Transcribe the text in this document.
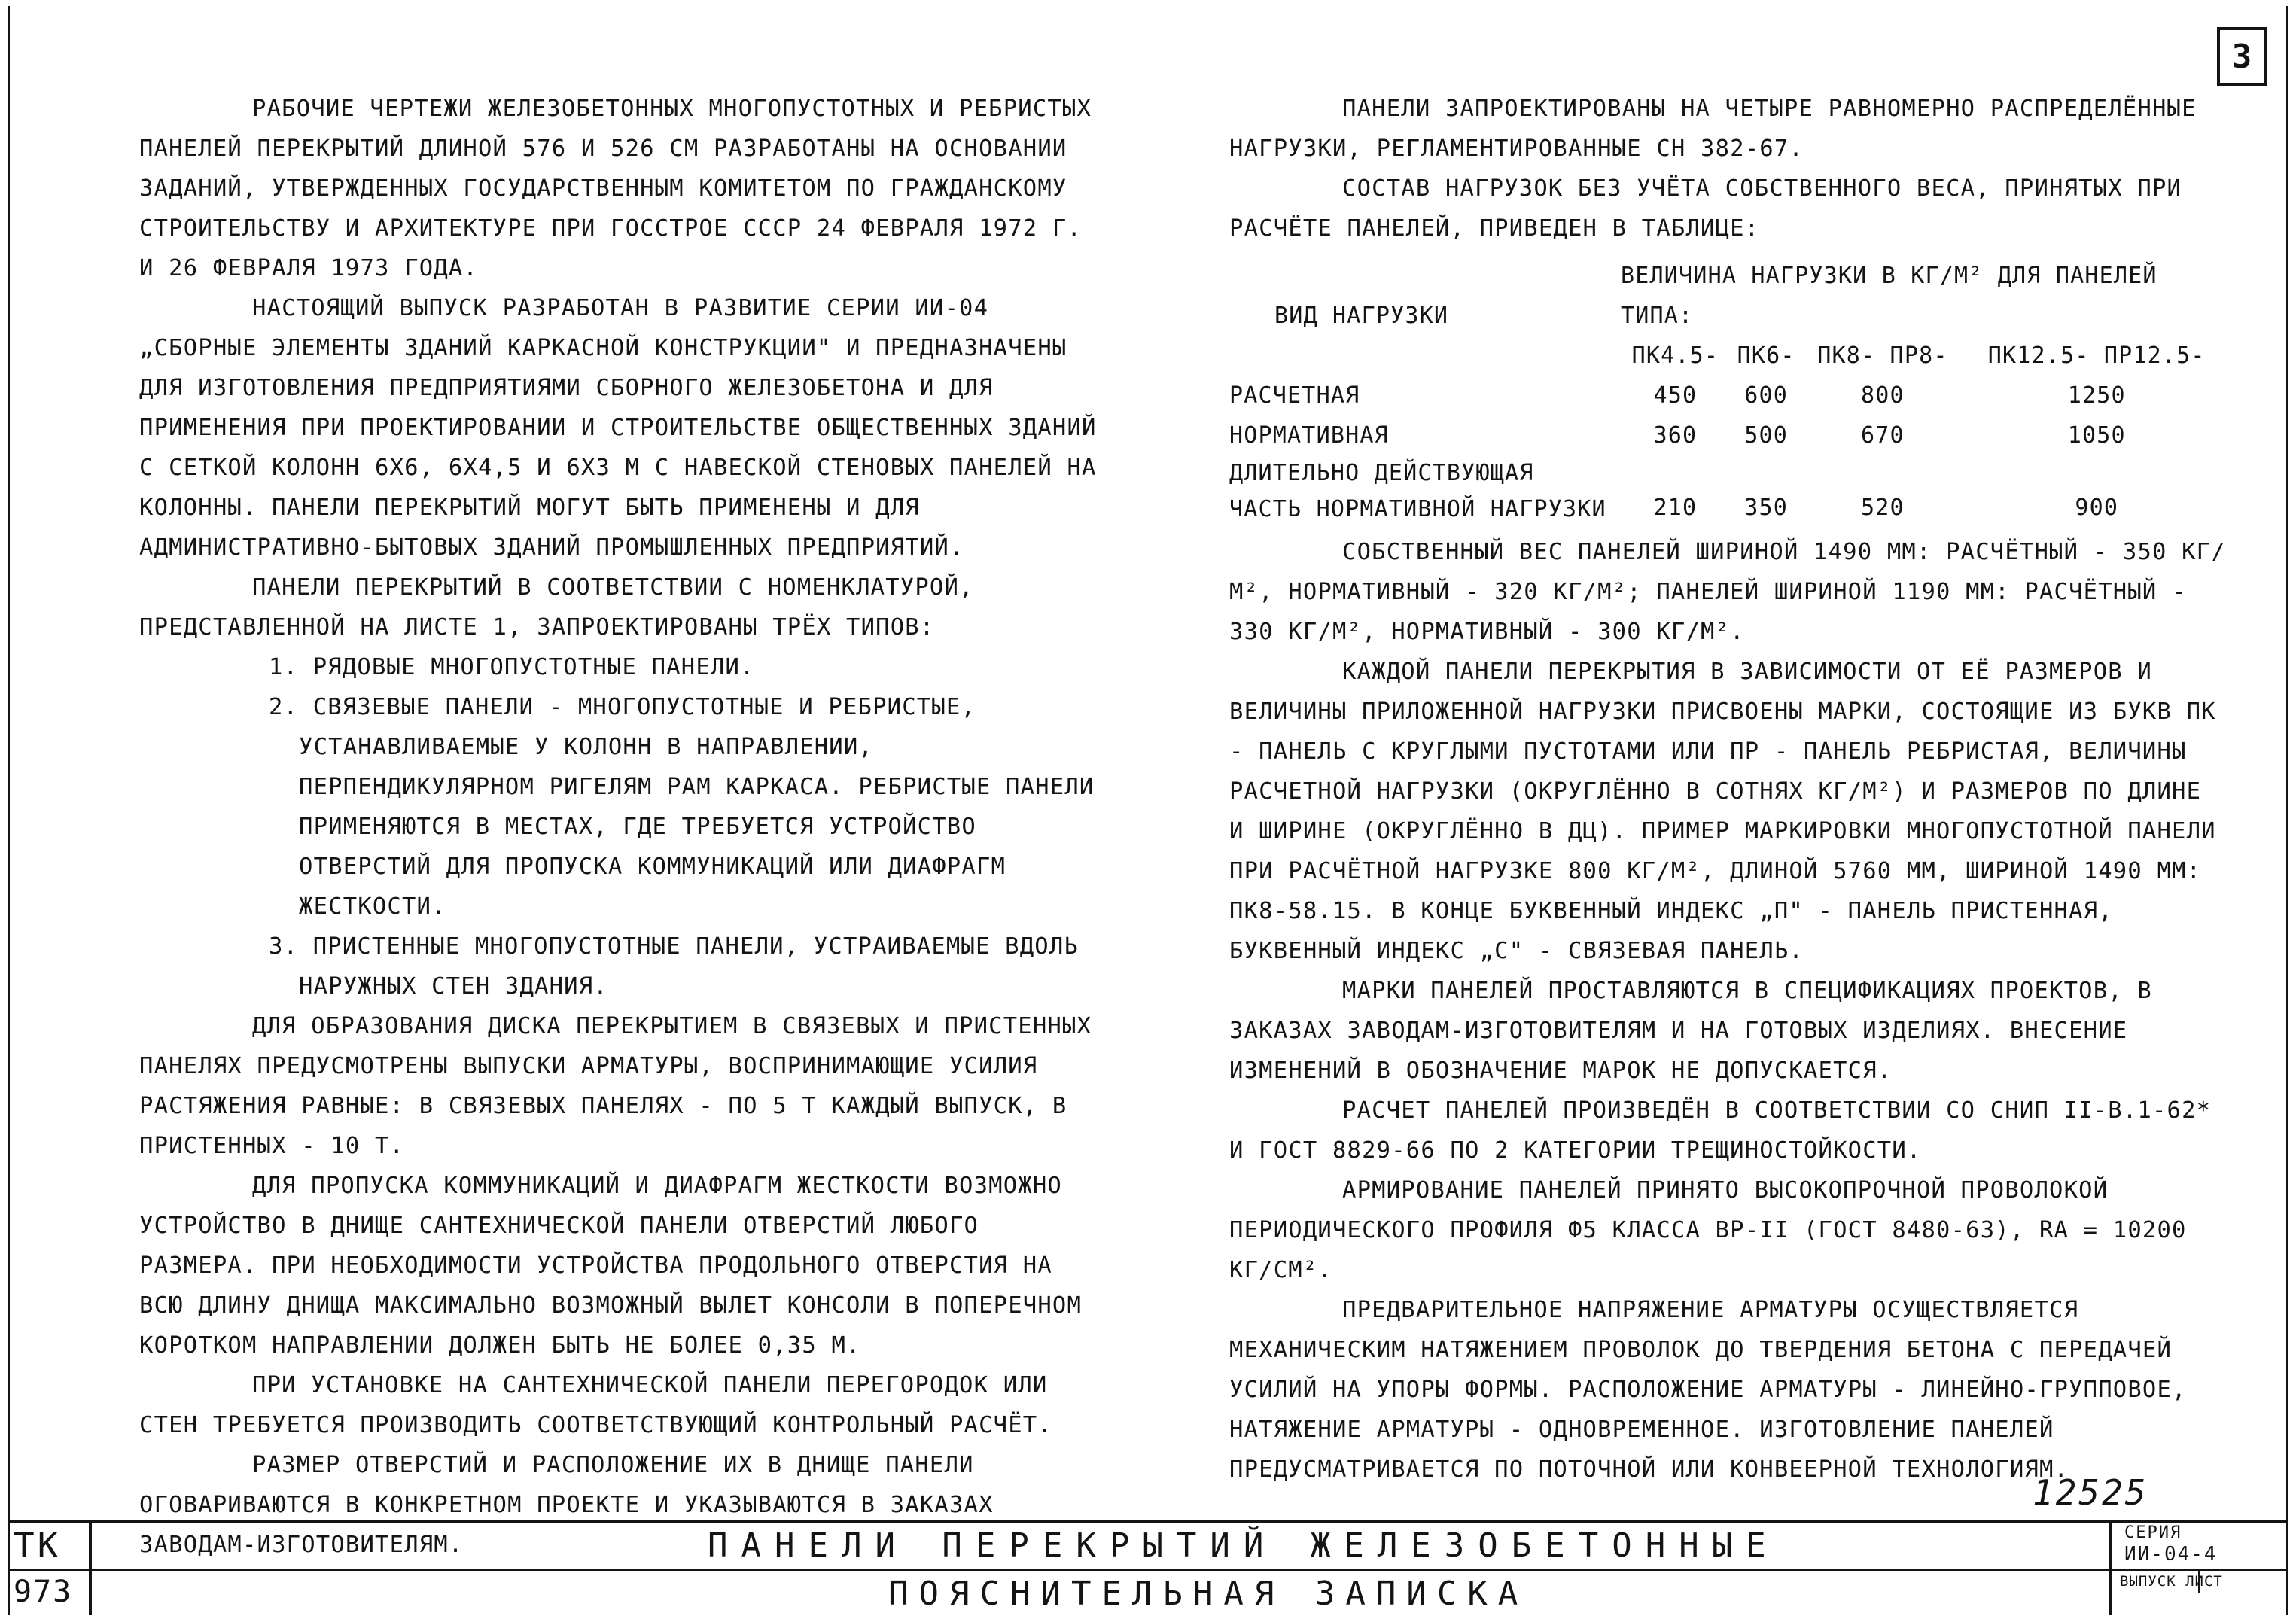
3

РАБОЧИЕ ЧЕРТЕЖИ ЖЕЛЕЗОБЕТОННЫХ МНОГОПУСТОТНЫХ И РЕБРИСТЫХ ПАНЕЛЕЙ ПЕРЕКРЫТИЙ ДЛИНОЙ 576 И 526 СМ РАЗРАБОТАНЫ НА ОСНОВАНИИ ЗАДАНИЙ, УТВЕРЖДЕННЫХ ГОСУДАРСТВЕННЫМ КОМИТЕТОМ ПО ГРАЖДАНСКОМУ СТРОИТЕЛЬСТВУ И АРХИТЕКТУРЕ ПРИ ГОССТРОЕ СССР 24 ФЕВРАЛЯ 1972 Г. И 26 ФЕВРАЛЯ 1973 ГОДА.

НАСТОЯЩИЙ ВЫПУСК РАЗРАБОТАН В РАЗВИТИЕ СЕРИИ ИИ-04 „СБОРНЫЕ ЭЛЕМЕНТЫ ЗДАНИЙ КАРКАСНОЙ КОНСТРУКЦИИ" И ПРЕДНАЗНАЧЕНЫ ДЛЯ ИЗГОТОВЛЕНИЯ ПРЕДПРИЯТИЯМИ СБОРНОГО ЖЕЛЕЗОБЕТОНА И ДЛЯ ПРИМЕНЕНИЯ ПРИ ПРОЕКТИРОВАНИИ И СТРОИТЕЛЬСТВЕ ОБЩЕСТВЕННЫХ ЗДАНИЙ С СЕТКОЙ КОЛОНН 6Х6, 6Х4,5 И 6Х3 М С НАВЕСКОЙ СТЕНОВЫХ ПАНЕЛЕЙ НА КОЛОННЫ. ПАНЕЛИ ПЕРЕКРЫТИЙ МОГУТ БЫТЬ ПРИМЕНЕНЫ И ДЛЯ АДМИНИСТРАТИВНО-БЫТОВЫХ ЗДАНИЙ ПРОМЫШЛЕННЫХ ПРЕДПРИЯТИЙ.

ПАНЕЛИ ПЕРЕКРЫТИЙ В СООТВЕТСТВИИ С НОМЕНКЛАТУРОЙ, ПРЕДСТАВЛЕННОЙ НА ЛИСТЕ 1, ЗАПРОЕКТИРОВАНЫ ТРЁХ ТИПОВ:

1. РЯДОВЫЕ МНОГОПУСТОТНЫЕ ПАНЕЛИ.

2. СВЯЗЕВЫЕ ПАНЕЛИ - МНОГОПУСТОТНЫЕ И РЕБРИСТЫЕ, УСТАНАВЛИВАЕМЫЕ У КОЛОНН В НАПРАВЛЕНИИ, ПЕРПЕНДИКУЛЯРНОМ РИГЕЛЯМ РАМ КАРКАСА. РЕБРИСТЫЕ ПАНЕЛИ ПРИМЕНЯЮТСЯ В МЕСТАХ, ГДЕ ТРЕБУЕТСЯ УСТРОЙСТВО ОТВЕРСТИЙ ДЛЯ ПРОПУСКА КОММУНИКАЦИЙ ИЛИ ДИАФРАГМ ЖЕСТКОСТИ.

3. ПРИСТЕННЫЕ МНОГОПУСТОТНЫЕ ПАНЕЛИ, УСТРАИВАЕМЫЕ ВДОЛЬ НАРУЖНЫХ СТЕН ЗДАНИЯ.

ДЛЯ ОБРАЗОВАНИЯ ДИСКА ПЕРЕКРЫТИЕМ В СВЯЗЕВЫХ И ПРИСТЕННЫХ ПАНЕЛЯХ ПРЕДУСМОТРЕНЫ ВЫПУСКИ АРМАТУРЫ, ВОСПРИНИМАЮЩИЕ УСИЛИЯ РАСТЯЖЕНИЯ РАВНЫЕ: В СВЯЗЕВЫХ ПАНЕЛЯХ - ПО 5 Т КАЖДЫЙ ВЫПУСК, В ПРИСТЕННЫХ - 10 Т.

ДЛЯ ПРОПУСКА КОММУНИКАЦИЙ И ДИАФРАГМ ЖЕСТКОСТИ ВОЗМОЖНО УСТРОЙСТВО В ДНИЩЕ САНТЕХНИЧЕСКОЙ ПАНЕЛИ ОТВЕРСТИЙ ЛЮБОГО РАЗМЕРА. ПРИ НЕОБХОДИМОСТИ УСТРОЙСТВА ПРОДОЛЬНОГО ОТВЕРСТИЯ НА ВСЮ ДЛИНУ ДНИЩА МАКСИМАЛЬНО ВОЗМОЖНЫЙ ВЫЛЕТ КОНСОЛИ В ПОПЕРЕЧНОМ КОРОТКОМ НАПРАВЛЕНИИ ДОЛЖЕН БЫТЬ НЕ БОЛЕЕ 0,35 М.

ПРИ УСТАНОВКЕ НА САНТЕХНИЧЕСКОЙ ПАНЕЛИ ПЕРЕГОРОДОК ИЛИ СТЕН ТРЕБУЕТСЯ ПРОИЗВОДИТЬ СООТВЕТСТВУЮЩИЙ КОНТРОЛЬНЫЙ РАСЧЁТ.

РАЗМЕР ОТВЕРСТИЙ И РАСПОЛОЖЕНИЕ ИХ В ДНИЩЕ ПАНЕЛИ ОГОВАРИВАЮТСЯ В КОНКРЕТНОМ ПРОЕКТЕ И УКАЗЫВАЮТСЯ В ЗАКАЗАХ ЗАВОДАМ-ИЗГОТОВИТЕЛЯМ.

ПАНЕЛИ ЗАПРОЕКТИРОВАНЫ НА ЧЕТЫРЕ РАВНОМЕРНО РАСПРЕДЕЛЁННЫЕ НАГРУЗКИ, РЕГЛАМЕНТИРОВАННЫЕ СН 382-67.

СОСТАВ НАГРУЗОК БЕЗ УЧЁТА СОБСТВЕННОГО ВЕСА, ПРИНЯТЫХ ПРИ РАСЧЁТЕ ПАНЕЛЕЙ, ПРИВЕДЕН В ТАБЛИЦЕ:

ВИД НАГРУЗКИ	ВЕЛИЧИНА НАГРУЗКИ В КГ/М² ДЛЯ ПАНЕЛЕЙ ТИПА:			
	ПК4.5-	ПК6-	ПК8- ПР8-	ПК12.5- ПР12.5-
РАСЧЕТНАЯ	450	600	800	1250
НОРМАТИВНАЯ	360	500	670	1050
ДЛИТЕЛЬНО ДЕЙСТВУЮЩАЯ ЧАСТЬ НОРМАТИВНОЙ НАГРУЗКИ	210	350	520	900

СОБСТВЕННЫЙ ВЕС ПАНЕЛЕЙ ШИРИНОЙ 1490 ММ: РАСЧЁТНЫЙ - 350 КГ/М², НОРМАТИВНЫЙ - 320 КГ/М²; ПАНЕЛЕЙ ШИРИНОЙ 1190 ММ: РАСЧЁТНЫЙ - 330 КГ/М², НОРМАТИВНЫЙ - 300 КГ/М².

КАЖДОЙ ПАНЕЛИ ПЕРЕКРЫТИЯ В ЗАВИСИМОСТИ ОТ ЕЁ РАЗМЕРОВ И ВЕЛИЧИНЫ ПРИЛОЖЕННОЙ НАГРУЗКИ ПРИСВОЕНЫ МАРКИ, СОСТОЯЩИЕ ИЗ БУКВ ПК - ПАНЕЛЬ С КРУГЛЫМИ ПУСТОТАМИ ИЛИ ПР - ПАНЕЛЬ РЕБРИСТАЯ, ВЕЛИЧИНЫ РАСЧЕТНОЙ НАГРУЗКИ (ОКРУГЛЁННО В СОТНЯХ КГ/М²) И РАЗМЕРОВ ПО ДЛИНЕ И ШИРИНЕ (ОКРУГЛЁННО В ДЦ). ПРИМЕР МАРКИРОВКИ МНОГОПУСТОТНОЙ ПАНЕЛИ ПРИ РАСЧЁТНОЙ НАГРУЗКЕ 800 КГ/М², ДЛИНОЙ 5760 ММ, ШИРИНОЙ 1490 ММ: ПК8-58.15. В КОНЦЕ БУКВЕННЫЙ ИНДЕКС „П" - ПАНЕЛЬ ПРИСТЕННАЯ, БУКВЕННЫЙ ИНДЕКС „С" - СВЯЗЕВАЯ ПАНЕЛЬ.

МАРКИ ПАНЕЛЕЙ ПРОСТАВЛЯЮТСЯ В СПЕЦИФИКАЦИЯХ ПРОЕКТОВ, В ЗАКАЗАХ ЗАВОДАМ-ИЗГОТОВИТЕЛЯМ И НА ГОТОВЫХ ИЗДЕЛИЯХ. ВНЕСЕНИЕ ИЗМЕНЕНИЙ В ОБОЗНАЧЕНИЕ МАРОК НЕ ДОПУСКАЕТСЯ.

РАСЧЕТ ПАНЕЛЕЙ ПРОИЗВЕДЁН В СООТВЕТСТВИИ СО СНИП II-В.1-62* И ГОСТ 8829-66 ПО 2 КАТЕГОРИИ ТРЕЩИНОСТОЙКОСТИ.

АРМИРОВАНИЕ ПАНЕЛЕЙ ПРИНЯТО ВЫСОКОПРОЧНОЙ ПРОВОЛОКОЙ ПЕРИОДИЧЕСКОГО ПРОФИЛЯ Ф5 КЛАССА ВР-II (ГОСТ 8480-63), RA = 10200 КГ/СМ².

ПРЕДВАРИТЕЛЬНОЕ НАПРЯЖЕНИЕ АРМАТУРЫ ОСУЩЕСТВЛЯЕТСЯ МЕХАНИЧЕСКИМ НАТЯЖЕНИЕМ ПРОВОЛОК ДО ТВЕРДЕНИЯ БЕТОНА С ПЕРЕДАЧЕЙ УСИЛИЙ НА УПОРЫ ФОРМЫ. РАСПОЛОЖЕНИЕ АРМАТУРЫ - ЛИНЕЙНО-ГРУППОВОЕ, НАТЯЖЕНИЕ АРМАТУРЫ - ОДНОВРЕМЕННОЕ. ИЗГОТОВЛЕНИЕ ПАНЕЛЕЙ ПРЕДУСМАТРИВАЕТСЯ ПО ПОТОЧНОЙ ИЛИ КОНВЕЕРНОЙ ТЕХНОЛОГИЯМ.

12525
ТК
973
ПАНЕЛИ ПЕРЕКРЫТИЙ ЖЕЛЕЗОБЕТОННЫЕ
ПОЯСНИТЕЛЬНАЯ ЗАПИСКА
СЕРИЯ
ИИ-04-4
ВЫПУСК ЛИСТ
